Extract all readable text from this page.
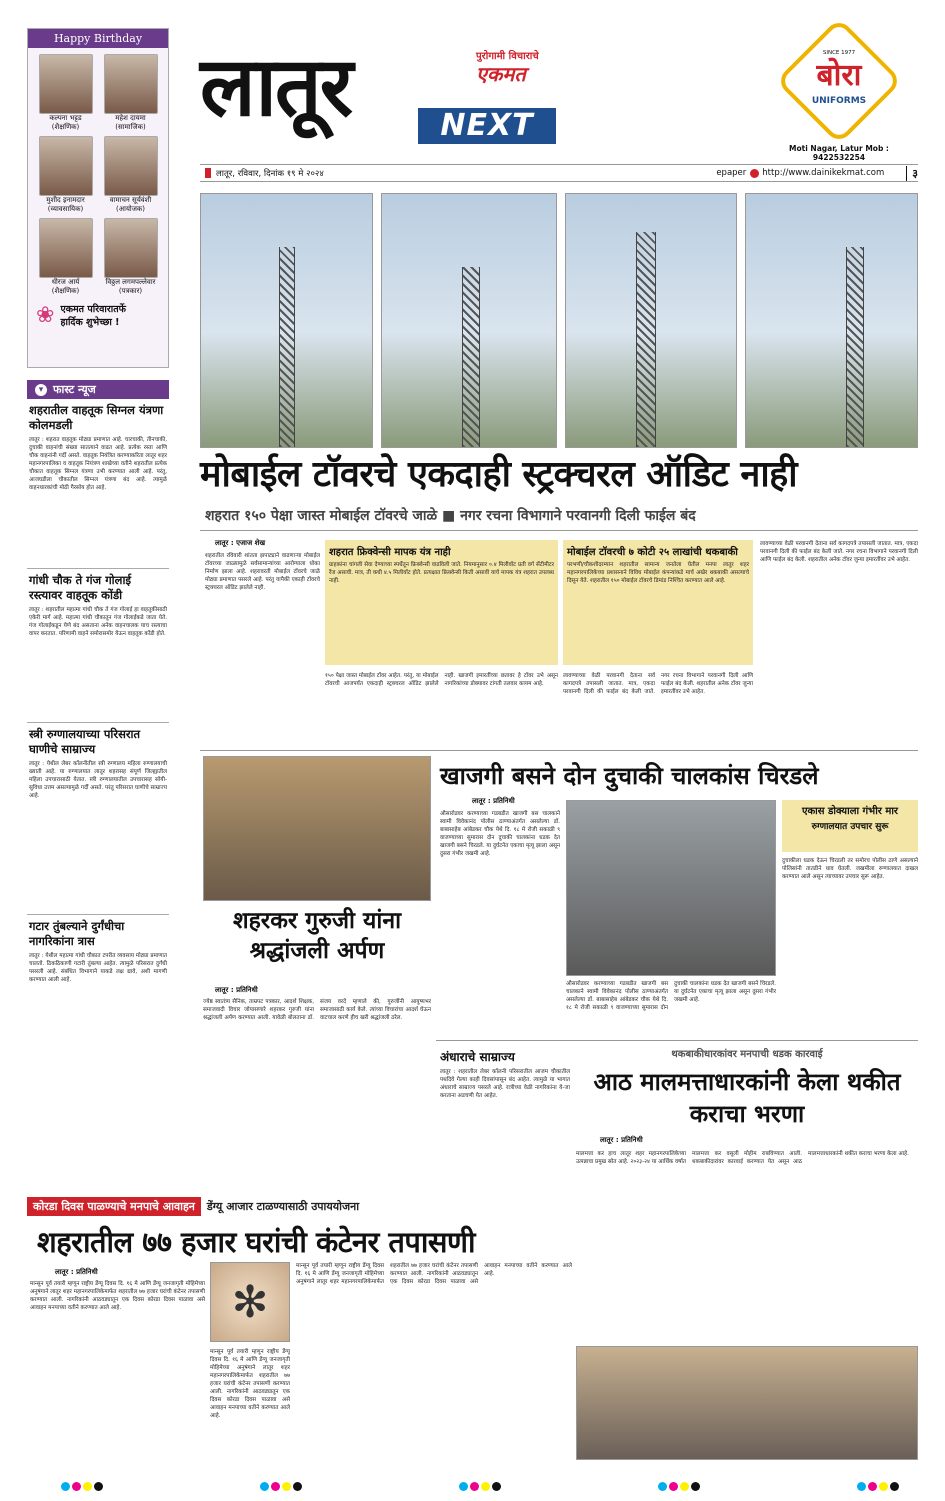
Happy Birthday
कल्पना भट्टड
(शैक्षणिक)
महेश दायमा
(सामाजिक)
मुशीद इनामदार
(व्यावसायिक)
वामाचन सूर्यवंशी
(आयोजक)
धीरज आर्य
(शैक्षणिक)
विठ्ठल लगमपल्लेवार
(पत्रकार)
❀ एकमत परिवारातर्फे
हार्दिक शुभेच्छा !
▾ फास्ट न्यूज
शहरातील वाहतूक सिग्नल यंत्रणा कोलमडली
लातूर : शहरात वाहतूक मोठ्या प्रमाणात आहे. चारचाकी, तीनचाकी, दुचाकी वाहनांची संख्या सातत्याने वाढत आहे. प्रत्येक रस्ता आणि चौक वाहनांनी गर्दी असते. वाहतूक नियंत्रित करण्याकरिता लातूर शहर महानगरपालिका व वाहतूक नियंत्रण शाखेच्या वतीने शहरातील प्रत्येक चौकात वाहतूक सिग्नल यंत्रणा उभी करण्यात आली आहे. परंतु, आजघडीला चौकातील सिग्नल यंत्रणा बंद आहे. त्यामुळे वाहनधारकांची मोठी गैरसोय होत आहे.
गांधी चौक ते गंज गोलाई रस्त्यावर वाहतूक कोंडी
लातूर : शहरातील महात्मा गांधी चौक ते गंज गोलाई हा वाहतुकीसाठी एकेरी मार्ग आहे. महात्मा गांधी चौकातून गंज गोलाईकडे जाता येते. गंज गोलाईकडून येणे बंद असताना अनेक वाहनचालक याच रस्त्याचा वापर करतात. परिणामी वाहने समोरासमोर येऊन वाहतूक कोंडी होते.
स्त्री रुग्णालयाच्या परिसरात घाणीचे साम्राज्य
लातूर : येथील लेबर कॉलनीतील स्त्री रुग्णालय महिला रुग्णालयाची ख्याती आहे. या रुग्णालयात लातूर शहरासह संपूर्ण जिल्ह्यातील महिला उपचारासाठी येतात. स्त्री रुग्णालयातील उपचारासह सोयी-सुविधा उत्तम असल्यामुळे गर्दी असते. परंतु परिसरात घाणीचे साम्राज्य आहे.
गटार तुंबल्याने दुर्गंधीचा नागरिकांना त्रास
लातूर : येथील महात्मा गांधी चौकात टपरीत व्यवसाय मोठ्या प्रमाणात चालतो. ठिकठिकाणी गटारी तुंबल्या आहेत. त्यामुळे परिसरात दुर्गंधी पसरली आहे. संबंधित विभागाने याकडे लक्ष द्यावे, अशी मागणी करण्यात आली आहे.
लातूर	पुरोगामी विचाराचे
एकमत
NEXT
SINCE 1977
बोरा
UNIFORMS
Moti Nagar, Latur Mob : 9422532254
लातूर, रविवार, दिनांक १९ मे २०२४	epaper http://www.dainikekmat.com	३
मोबाईल टॉवरचे एकदाही स्ट्रक्चरल ऑडिट नाही
शहरात १५० पेक्षा जास्त मोबाईल टॉवरचे जाळे ■ नगर रचना विभागाने परवानगी दिली फाईल बंद
लातूर : एजाज शेख
शहरातील रविवारी शांतता झपाट्याने वाढणाऱ्या मोबाईल टॉवरच्या जाळ्यामुळे सर्वसामान्यांच्या आरोग्याला धोका निर्माण झाला आहे. शहरावरती मोबाईल टॉवरचे जाळे मोठ्या प्रमाणात पसरले आहे. परंतु यापैकी एकाही टॉवरचे स्ट्रक्चरल ऑडिट झालेले नाही.
शहरात फ्रिक्वेन्सी मापक यंत्र नाही
ग्राहकांना चांगली सेवा देण्याच्या स्पर्धेतून फ्रिक्वेन्सी वाढविली जाते. नियमानुसार ०.४ मिलीवॉट प्रती वर्ग सेंटीमीटर रेंज असावी. मात्र, ती कधी ४.५ मिलीवॉट होते. प्रत्यक्षात फ्रिक्वेन्सी किती असावी याचे मापक यंत्र शहरात उपलब्ध नाही.
मोबाईल टॉवरची ७ कोटी २५ लाखांची थकबाकी
परभणी/चौकशीदरम्यान शहरातील सामान्य जनतेला घेतील मनपा लातूर शहर महानगरपालिकेच्या प्रशासनाने विविध मोबाईल कंपन्यांकडे मार्च अखेर थकबाकी असल्याचे दिसून येते. शहरातील १५० मोबाईल टॉवरचे डिमांड निश्चित करण्यात आले आहे.
१५० पेक्षा जास्त मोबाईल टॉवर आहेत. परंतु, या मोबाईल टॉवरची आजपर्यंत एकदाही स्ट्रक्चरल ऑडिट झालेले नाही. खाजगी इमारतींच्या छतावर हे टॉवर उभे असून नागरिकांच्या डोक्यावर टांगती तलवार कायम आहे.
लावण्याच्या वेळी परवानगी देताना सर्व कागदपत्रे तपासली जातात. मात्र, एकदा परवानगी दिली की फाईल बंद केली जाते. नगर रचना विभागाने परवानगी दिली आणि फाईल बंद केली. शहरातील अनेक टॉवर जुन्या इमारतींवर उभे आहेत.
लावण्याच्या वेळी परवानगी देताना सर्व कागदपत्रे तपासली जातात. मात्र, एकदा परवानगी दिली की फाईल बंद केली जाते. नगर रचना विभागाने परवानगी दिली आणि फाईल बंद केली. शहरातील अनेक टॉवर जुन्या इमारतींवर उभे आहेत.
शहरकर गुरुजी यांना श्रद्धांजली अर्पण
लातूर : प्रतिनिधी
ज्येष्ठ स्वातंत्र्य सैनिक, ताम्रपट पत्रकार, आदर्श शिक्षक, समाजवादी विचार जोपासणारे शहरकर गुरुजी यांना श्रद्धांजली अर्पण करण्यात आली. यावेळी बोलताना डॉ. संजय वरदे म्हणाले की, गुरुजींनी आयुष्यभर समाजासाठी कार्य केले. त्यांच्या विचारांचा आदर्श घेऊन वाटचाल करणे हीच खरी श्रद्धांजली ठरेल.
खाजगी बसने दोन दुचाकी चालकांस चिरडले
लातूर : प्रतिनिधी
औसारोडवर करण्याच्या गडबडीत खाजगी बस चालकाने स्वामी विवेकानंद पोलीस ठाण्याअंतर्गत असलेल्या डॉ. बाबासाहेब आंबेडकर चौक येथे दि. १८ मे रोजी सकाळी ९ वाजण्याच्या सुमारास दोन दुचाकी चालकांना धडक देत खाजगी बसने चिरडले. या दुर्घटनेत एकाचा मृत्यू झाला असून दुसरा गंभीर जखमी आहे.
एकास डोक्याला गंभीर मार
रुग्णालयात उपचार सुरू
दुचाकीला धडक देऊन चिरडली तर समोरच पोलीस ठाणे असल्याने पोलिसांनी तातडीने धाव घेतली. जखमीला रुग्णालयात दाखल करण्यात आले असून त्याच्यावर उपचार सुरू आहेत.
औसारोडवर करण्याच्या गडबडीत खाजगी बस चालकाने स्वामी विवेकानंद पोलीस ठाण्याअंतर्गत असलेल्या डॉ. बाबासाहेब आंबेडकर चौक येथे दि. १८ मे रोजी सकाळी ९ वाजण्याच्या सुमारास दोन दुचाकी चालकांना धडक देत खाजगी बसने चिरडले. या दुर्घटनेत एकाचा मृत्यू झाला असून दुसरा गंभीर जखमी आहे.
अंधाराचे साम्राज्य
लातूर : शहरातील लेबर कॉलनी परिसरातील आजम चौकातील पथदिवे गेल्या काही दिवसांपासून बंद आहेत. त्यामुळे या भागात अंधाराचे साम्राज्य पसरले आहे. रात्रीच्या वेळी नागरिकांना ये-जा करताना अडचणी येत आहेत.
थकबाकीधारकांवर मनपाची धडक कारवाई
आठ मालमत्ताधारकांनी केला थकीत कराचा भरणा
लातूर : प्रतिनिधी
मालमत्ता कर हाच लातूर शहर महानगरपालिकेच्या उत्पन्नाचा प्रमुख स्रोत आहे. २०२३-२४ या आर्थिक वर्षात मालमत्ता कर वसुली मोहीम राबविण्यात आली. थकबाकीदारांवर कारवाई करण्यात येत असून आठ मालमत्ताधारकांनी थकीत कराचा भरणा केला आहे.
कोरडा दिवस पाळण्याचे मनपाचे आवाहन	डेंग्यू आजार टाळण्यासाठी उपाययोजना
शहरातील ७७ हजार घरांची कंटेनर तपासणी
लातूर : प्रतिनिधी
मान्सून पूर्व तयारी म्हणून राष्ट्रीय डेंग्यू दिवस दि. १६ मे आणि डेंग्यू जनजागृती मोहिमेच्या अनुषंगाने लातूर शहर महानगरपालिकेमार्फत शहरातील ७७ हजार घरांची कंटेनर तपासणी करण्यात आली. नागरिकांनी आठवड्यातून एक दिवस कोरडा दिवस पाळावा असे आवाहन मनपाच्या वतीने करण्यात आले आहे.	✻
मान्सून पूर्व तयारी म्हणून राष्ट्रीय डेंग्यू दिवस दि. १६ मे आणि डेंग्यू जनजागृती मोहिमेच्या अनुषंगाने लातूर शहर महानगरपालिकेमार्फत शहरातील ७७ हजार घरांची कंटेनर तपासणी करण्यात आली. नागरिकांनी आठवड्यातून एक दिवस कोरडा दिवस पाळावा असे आवाहन मनपाच्या वतीने करण्यात आले आहे.
मान्सून पूर्व तयारी म्हणून राष्ट्रीय डेंग्यू दिवस दि. १६ मे आणि डेंग्यू जनजागृती मोहिमेच्या अनुषंगाने लातूर शहर महानगरपालिकेमार्फत शहरातील ७७ हजार घरांची कंटेनर तपासणी करण्यात आली. नागरिकांनी आठवड्यातून एक दिवस कोरडा दिवस पाळावा असे आवाहन मनपाच्या वतीने करण्यात आले आहे.
